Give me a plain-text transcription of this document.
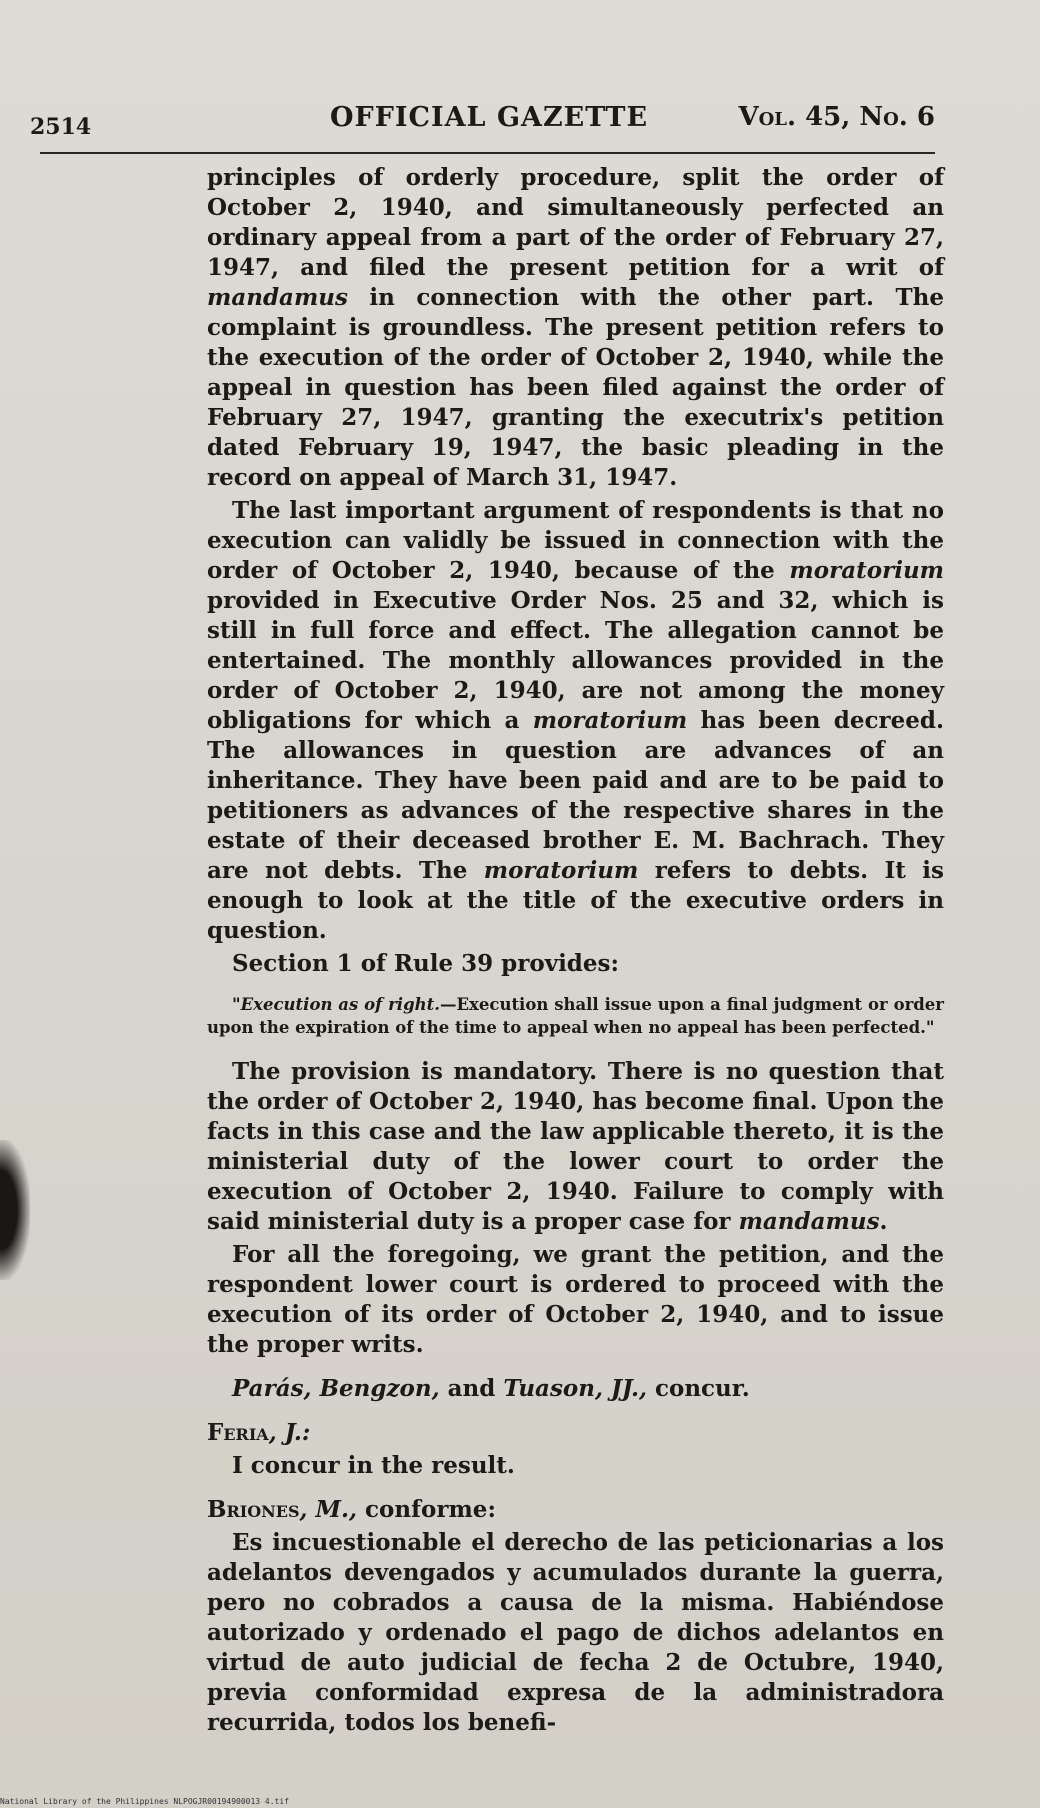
2514	OFFICIAL GAZETTE	Vol. 45, No. 6

principles of orderly procedure, split the order of October 2, 1940, and simultaneously perfected an ordinary appeal from a part of the order of February 27, 1947, and filed the present petition for a writ of mandamus in connection with the other part. The complaint is groundless. The present petition refers to the execution of the order of October 2, 1940, while the appeal in question has been filed against the order of February 27, 1947, granting the executrix's petition dated February 19, 1947, the basic pleading in the record on appeal of March 31, 1947.

The last important argument of respondents is that no execution can validly be issued in connection with the order of October 2, 1940, because of the moratorium provided in Executive Order Nos. 25 and 32, which is still in full force and effect. The allegation cannot be entertained. The monthly allowances provided in the order of October 2, 1940, are not among the money obligations for which a moratorium has been decreed. The allowances in question are advances of an inheritance. They have been paid and are to be paid to petitioners as advances of the respective shares in the estate of their deceased brother E. M. Bachrach. They are not debts. The moratorium refers to debts. It is enough to look at the title of the executive orders in question.

Section 1 of Rule 39 provides:

"Execution as of right.—Execution shall issue upon a final judgment or order upon the expiration of the time to appeal when no appeal has been perfected."

The provision is mandatory. There is no question that the order of October 2, 1940, has become final. Upon the facts in this case and the law applicable thereto, it is the ministerial duty of the lower court to order the execution of October 2, 1940. Failure to comply with said ministerial duty is a proper case for mandamus.

For all the foregoing, we grant the petition, and the respondent lower court is ordered to proceed with the execution of its order of October 2, 1940, and to issue the proper writs.

Parás, Bengzon, and Tuason, JJ., concur.

Feria, J.:

I concur in the result.

Briones, M., conforme:

Es incuestionable el derecho de las peticionarias a los adelantos devengados y acumulados durante la guerra, pero no cobrados a causa de la misma. Habiéndose autorizado y ordenado el pago de dichos adelantos en virtud de auto judicial de fecha 2 de Octubre, 1940, previa conformidad expresa de la administradora recurrida, todos los benefi-

National Library of the Philippines NLPOGJR00194900013 4.tif
